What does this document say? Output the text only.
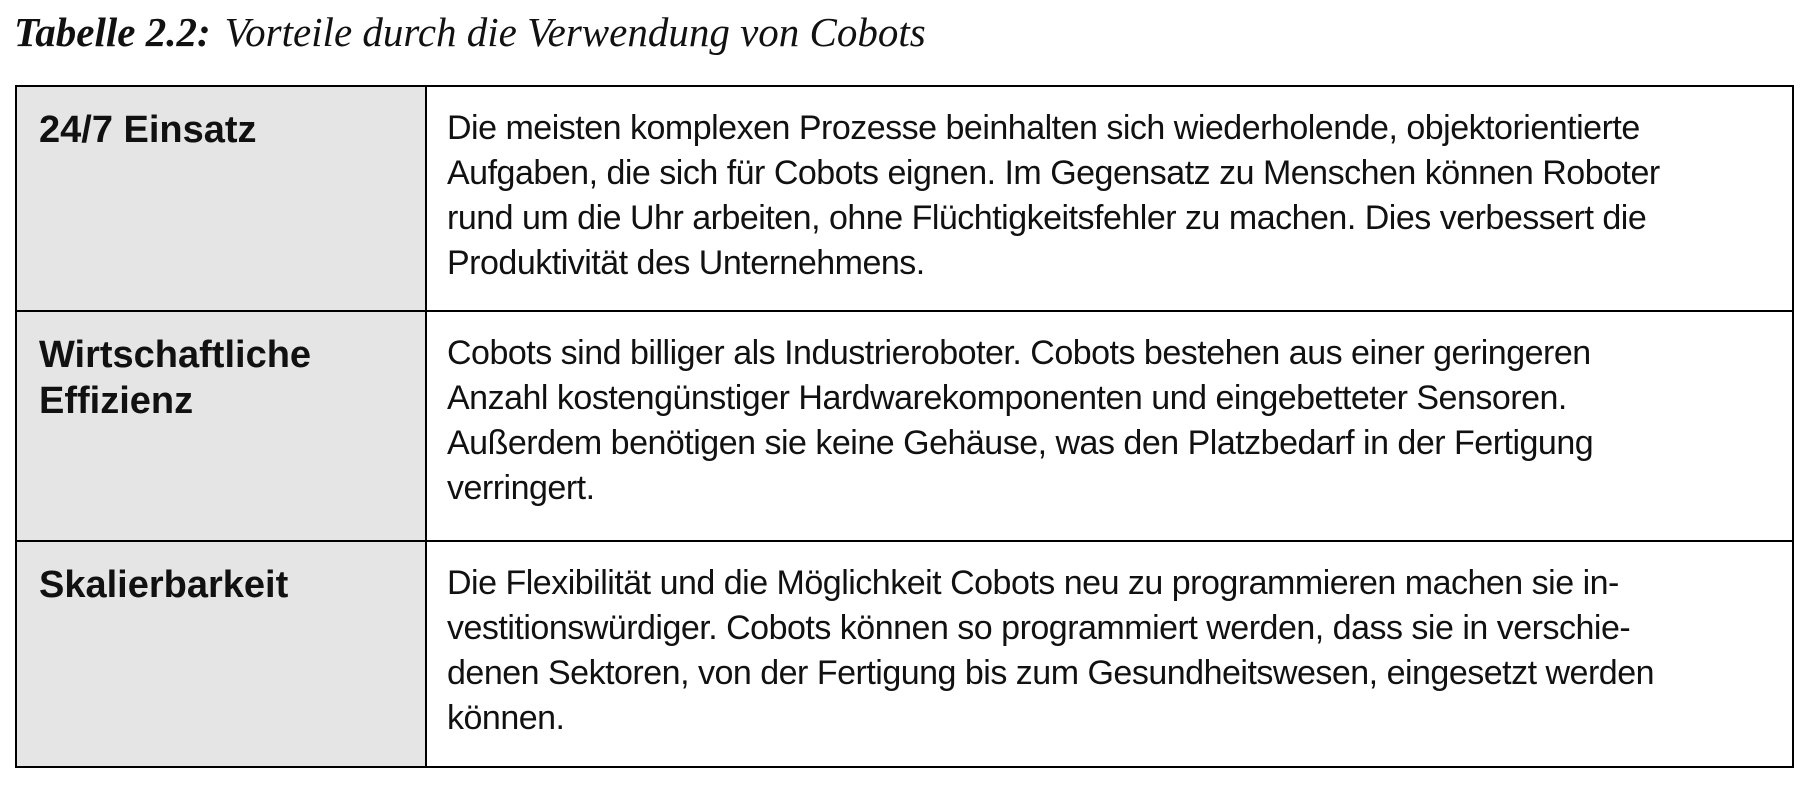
Tabelle 2.2: Vorteile durch die Verwendung von Cobots
24/7 Einsatz	Die meisten komplexen Prozesse beinhalten sich wiederholende, objektorientierte
Aufgaben, die sich für Cobots eignen. Im Gegensatz zu Menschen können Roboter
rund um die Uhr arbeiten, ohne Flüchtigkeitsfehler zu machen. Dies verbessert die
Produktivität des Unternehmens.

Wirtschaftliche
Effizienz	Cobots sind billiger als Industrieroboter. Cobots bestehen aus einer geringeren
Anzahl kostengünstiger Hardwarekomponenten und eingebetteter Sensoren.
Außerdem benötigen sie keine Gehäuse, was den Platzbedarf in der Fertigung
verringert.

Skalierbarkeit	Die Flexibilität und die Möglichkeit Cobots neu zu programmieren machen sie in-
vestitionswürdiger. Cobots können so programmiert werden, dass sie in verschie-
denen Sektoren, von der Fertigung bis zum Gesundheitswesen, eingesetzt werden
können.
